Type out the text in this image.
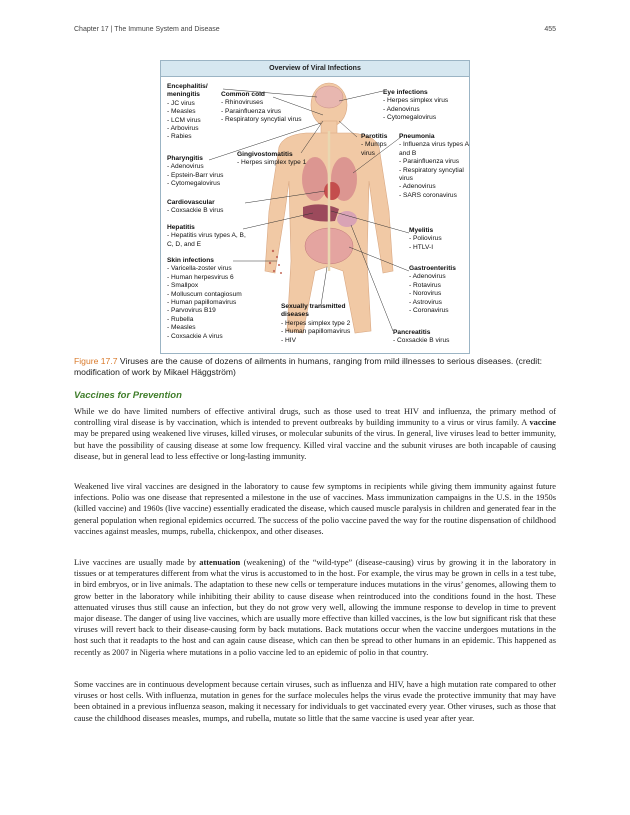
Chapter 17 | The Immune System and Disease	455
Overview of Viral Infections
Encephalitis/ meningitis
- JC virus
- Measles
- LCM virus
- Arbovirus
- Rabies
Common cold
- Rhinoviruses
- Parainfluenza virus
- Respiratory syncytial virus
Eye infections
- Herpes simplex virus
- Adenovirus
- Cytomegalovirus
Pharyngitis
- Adenovirus
- Epstein-Barr virus
- Cytomegalovirus
Gingivostomatitis
- Herpes simplex type 1
Parotitis
- Mumps virus
Pneumonia
- Influenza virus types A and B
- Parainfluenza virus
- Respiratory syncytial virus
- Adenovirus
- SARS coronavirus
Cardiovascular
- Coxsackie B virus
Hepatitis
- Hepatitis virus types A, B, C, D, and E
Myelitis
- Poliovirus
- HTLV-I
Skin infections
- Varicella-zoster virus
- Human herpesvirus 6
- Smallpox
- Molluscum contagiosum
- Human papillomavirus
- Parvovirus B19
- Rubella
- Measles
- Coxsackie A virus
Gastroenteritis
- Adenovirus
- Rotavirus
- Norovirus
- Astrovirus
- Coronavirus
Sexually transmitted diseases
- Herpes simplex type 2
- Human papillomavirus
- HIV
Pancreatitis
- Coxsackie B virus

Figure 17.7 Viruses are the cause of dozens of ailments in humans, ranging from mild illnesses to serious diseases. (credit: modification of work by Mikael Häggström)

Vaccines for Prevention

While we do have limited numbers of effective antiviral drugs, such as those used to treat HIV and influenza, the primary method of controlling viral disease is by vaccination, which is intended to prevent outbreaks by building immunity to a virus or virus family. A vaccine may be prepared using weakened live viruses, killed viruses, or molecular subunits of the virus. In general, live viruses lead to better immunity, but have the possibility of causing disease at some low frequency. Killed viral vaccine and the subunit viruses are both incapable of causing disease, but in general lead to less effective or long-lasting immunity.

Weakened live viral vaccines are designed in the laboratory to cause few symptoms in recipients while giving them immunity against future infections. Polio was one disease that represented a milestone in the use of vaccines. Mass immunization campaigns in the U.S. in the 1950s (killed vaccine) and 1960s (live vaccine) essentially eradicated the disease, which caused muscle paralysis in children and generated fear in the general population when regional epidemics occurred. The success of the polio vaccine paved the way for the routine dispensation of childhood vaccines against measles, mumps, rubella, chickenpox, and other diseases.

Live vaccines are usually made by attenuation (weakening) of the “wild-type” (disease-causing) virus by growing it in the laboratory in tissues or at temperatures different from what the virus is accustomed to in the host. For example, the virus may be grown in cells in a test tube, in bird embryos, or in live animals. The adaptation to these new cells or temperature induces mutations in the virus’ genomes, allowing them to grow better in the laboratory while inhibiting their ability to cause disease when reintroduced into the conditions found in the host. These attenuated viruses thus still cause an infection, but they do not grow very well, allowing the immune response to develop in time to prevent major disease. The danger of using live vaccines, which are usually more effective than killed vaccines, is the low but significant risk that these viruses will revert back to their disease-causing form by back mutations. Back mutations occur when the vaccine undergoes mutations in the host such that it readapts to the host and can again cause disease, which can then be spread to other humans in an epidemic. This happened as recently as 2007 in Nigeria where mutations in a polio vaccine led to an epidemic of polio in that country.

Some vaccines are in continuous development because certain viruses, such as influenza and HIV, have a high mutation rate compared to other viruses or host cells. With influenza, mutation in genes for the surface molecules helps the virus evade the protective immunity that may have been obtained in a previous influenza season, making it necessary for individuals to get vaccinated every year. Other viruses, such as those that cause the childhood diseases measles, mumps, and rubella, mutate so little that the same vaccine is used year after year.
